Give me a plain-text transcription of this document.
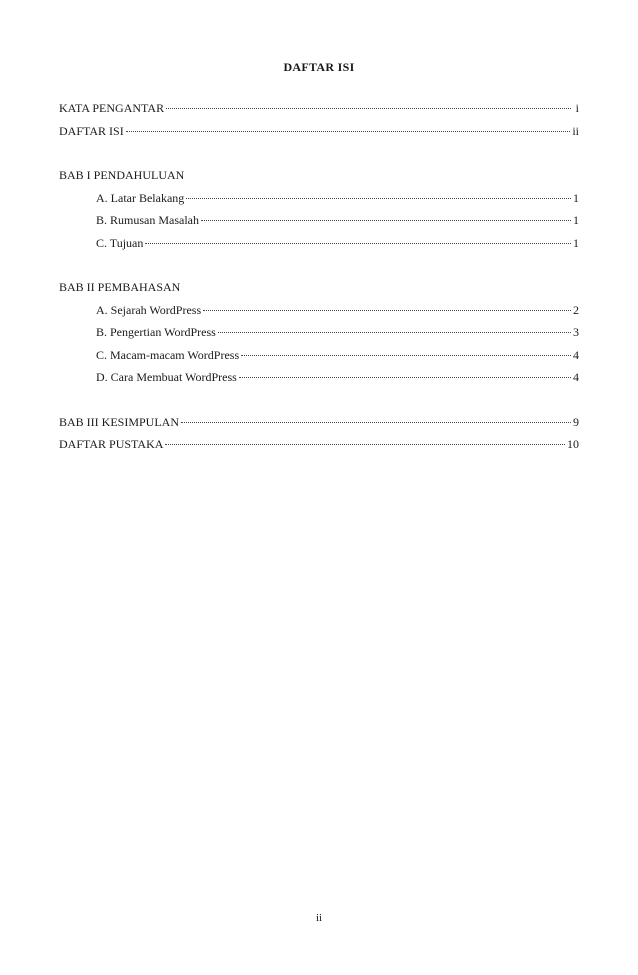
DAFTAR ISI
KATA PENGANTAR	i
DAFTAR ISI	ii
BAB I PENDAHULUAN
A. Latar Belakang	1
B. Rumusan Masalah	1
C. Tujuan	1
BAB II PEMBAHASAN
A. Sejarah WordPress	2
B. Pengertian WordPress	3
C. Macam-macam WordPress	4
D. Cara Membuat WordPress	4
BAB III KESIMPULAN	9
DAFTAR PUSTAKA	10
ii
